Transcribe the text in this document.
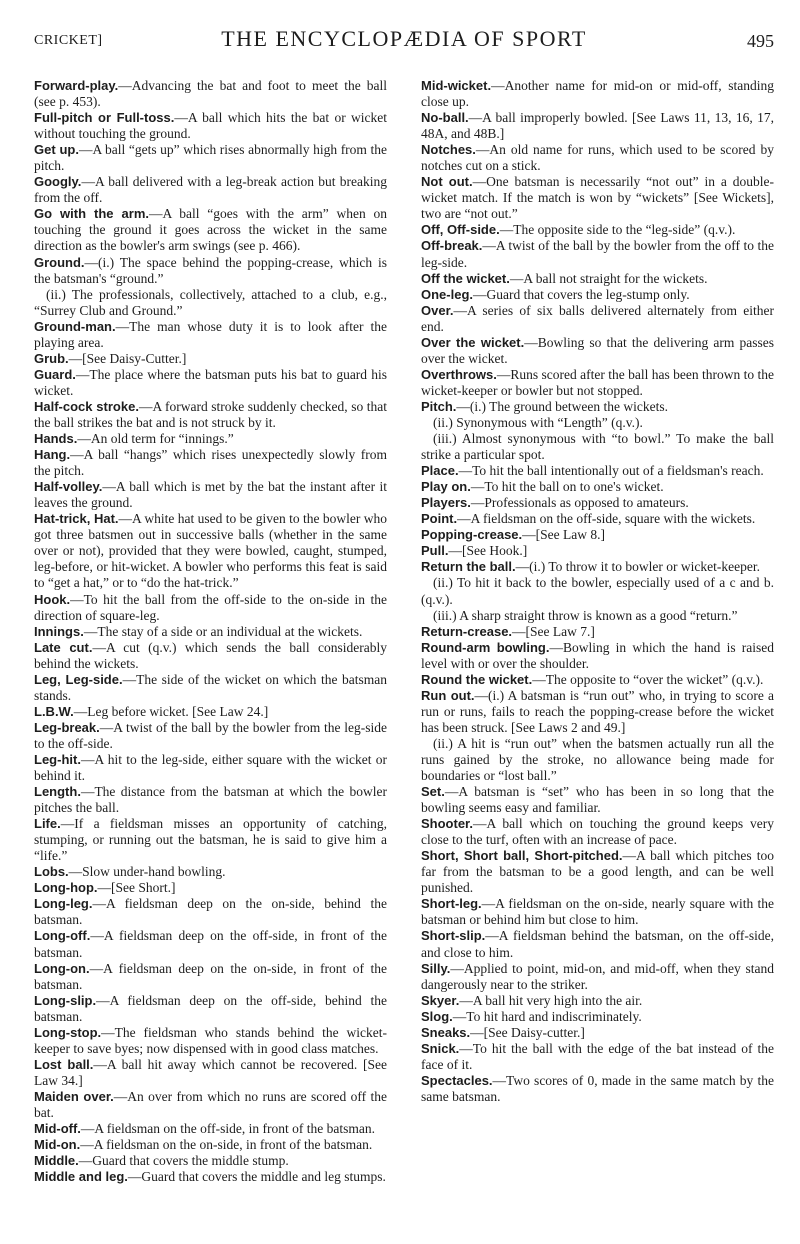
CRICKET]	THE ENCYCLOPÆDIA OF SPORT	495

Forward-play.—Advancing the bat and foot to meet the ball (see p. 453).

Full-pitch or Full-toss.—A ball which hits the bat or wicket without touching the ground.

Get up.—A ball “gets up” which rises abnormally high from the pitch.

Googly.—A ball delivered with a leg-break action but breaking from the off.

Go with the arm.—A ball “goes with the arm” when on touching the ground it goes across the wicket in the same direction as the bowler's arm swings (see p. 466).

Ground.—(i.) The space behind the popping-crease, which is the batsman's “ground.”

(ii.) The professionals, collectively, attached to a club, e.g., “Surrey Club and Ground.”

Ground-man.—The man whose duty it is to look after the playing area.

Grub.—[See Daisy-Cutter.]

Guard.—The place where the batsman puts his bat to guard his wicket.

Half-cock stroke.—A forward stroke suddenly checked, so that the ball strikes the bat and is not struck by it.

Hands.—An old term for “innings.”

Hang.—A ball “hangs” which rises unexpectedly slowly from the pitch.

Half-volley.—A ball which is met by the bat the instant after it leaves the ground.

Hat-trick, Hat.—A white hat used to be given to the bowler who got three batsmen out in successive balls (whether in the same over or not), provided that they were bowled, caught, stumped, leg-before, or hit-wicket. A bowler who performs this feat is said to “get a hat,” or to “do the hat-trick.”

Hook.—To hit the ball from the off-side to the on-side in the direction of square-leg.

Innings.—The stay of a side or an individual at the wickets.

Late cut.—A cut (q.v.) which sends the ball considerably behind the wickets.

Leg, Leg-side.—The side of the wicket on which the batsman stands.

L.B.W.—Leg before wicket. [See Law 24.]

Leg-break.—A twist of the ball by the bowler from the leg-side to the off-side.

Leg-hit.—A hit to the leg-side, either square with the wicket or behind it.

Length.—The distance from the batsman at which the bowler pitches the ball.

Life.—If a fieldsman misses an opportunity of catching, stumping, or running out the batsman, he is said to give him a “life.”

Lobs.—Slow under-hand bowling.

Long-hop.—[See Short.]

Long-leg.—A fieldsman deep on the on-side, behind the batsman.

Long-off.—A fieldsman deep on the off-side, in front of the batsman.

Long-on.—A fieldsman deep on the on-side, in front of the batsman.

Long-slip.—A fieldsman deep on the off-side, behind the batsman.

Long-stop.—The fieldsman who stands behind the wicket-keeper to save byes; now dispensed with in good class matches.

Lost ball.—A ball hit away which cannot be recovered. [See Law 34.]

Maiden over.—An over from which no runs are scored off the bat.

Mid-off.—A fieldsman on the off-side, in front of the batsman.

Mid-on.—A fieldsman on the on-side, in front of the batsman.

Middle.—Guard that covers the middle stump.

Middle and leg.—Guard that covers the middle and leg stumps.

Mid-wicket.—Another name for mid-on or mid-off, standing close up.

No-ball.—A ball improperly bowled. [See Laws 11, 13, 16, 17, 48A, and 48B.]

Notches.—An old name for runs, which used to be scored by notches cut on a stick.

Not out.—One batsman is necessarily “not out” in a double-wicket match. If the match is won by “wickets” [See Wickets], two are “not out.”

Off, Off-side.—The opposite side to the “leg-side” (q.v.).

Off-break.—A twist of the ball by the bowler from the off to the leg-side.

Off the wicket.—A ball not straight for the wickets.

One-leg.—Guard that covers the leg-stump only.

Over.—A series of six balls delivered alternately from either end.

Over the wicket.—Bowling so that the delivering arm passes over the wicket.

Overthrows.—Runs scored after the ball has been thrown to the wicket-keeper or bowler but not stopped.

Pitch.—(i.) The ground between the wickets.

(ii.) Synonymous with “Length” (q.v.).

(iii.) Almost synonymous with “to bowl.” To make the ball strike a particular spot.

Place.—To hit the ball intentionally out of a fieldsman's reach.

Play on.—To hit the ball on to one's wicket.

Players.—Professionals as opposed to amateurs.

Point.—A fieldsman on the off-side, square with the wickets.

Popping-crease.—[See Law 8.]

Pull.—[See Hook.]

Return the ball.—(i.) To throw it to bowler or wicket-keeper.

(ii.) To hit it back to the bowler, especially used of a c and b. (q.v.).

(iii.) A sharp straight throw is known as a good “return.”

Return-crease.—[See Law 7.]

Round-arm bowling.—Bowling in which the hand is raised level with or over the shoulder.

Round the wicket.—The opposite to “over the wicket” (q.v.).

Run out.—(i.) A batsman is “run out” who, in trying to score a run or runs, fails to reach the popping-crease before the wicket has been struck. [See Laws 2 and 49.]

(ii.) A hit is “run out” when the batsmen actually run all the runs gained by the stroke, no allowance being made for boundaries or “lost ball.”

Set.—A batsman is “set” who has been in so long that the bowling seems easy and familiar.

Shooter.—A ball which on touching the ground keeps very close to the turf, often with an increase of pace.

Short, Short ball, Short-pitched.—A ball which pitches too far from the batsman to be a good length, and can be well punished.

Short-leg.—A fieldsman on the on-side, nearly square with the batsman or behind him but close to him.

Short-slip.—A fieldsman behind the batsman, on the off-side, and close to him.

Silly.—Applied to point, mid-on, and mid-off, when they stand dangerously near to the striker.

Skyer.—A ball hit very high into the air.

Slog.—To hit hard and indiscriminately.

Sneaks.—[See Daisy-cutter.]

Snick.—To hit the ball with the edge of the bat instead of the face of it.

Spectacles.—Two scores of 0, made in the same match by the same batsman.
